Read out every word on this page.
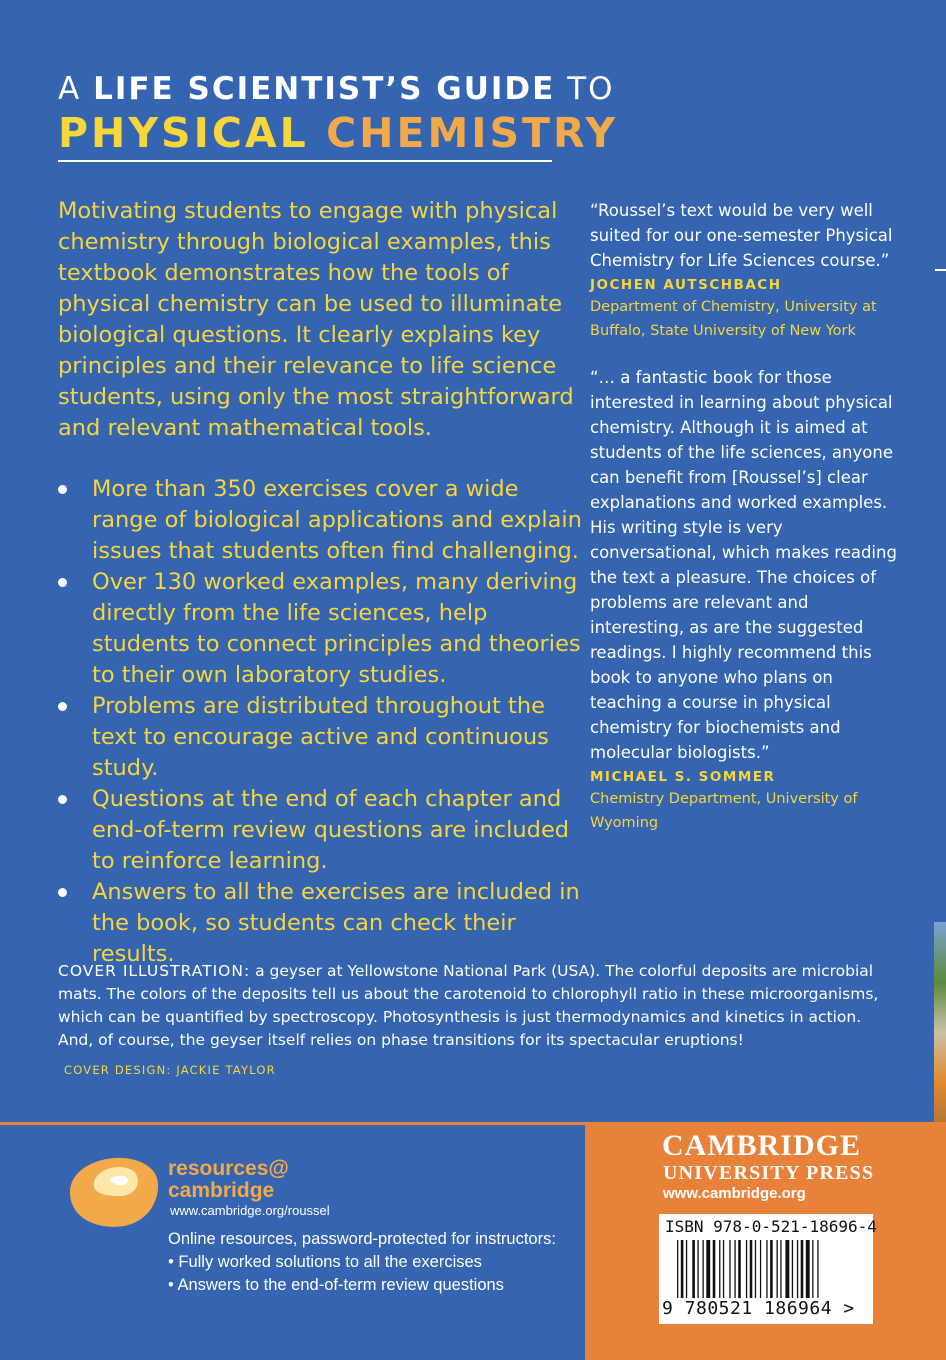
A LIFE SCIENTIST’S GUIDE TO
PHYSICAL CHEMISTRY
Motivating students to engage with physical chemistry through biological examples, this textbook demonstrates how the tools of physical chemistry can be used to illuminate biological questions. It clearly explains key principles and their relevance to life science students, using only the most straightforward and relevant mathematical tools.
More than 350 exercises cover a wide range of biological applications and explain issues that students often find challenging.
Over 130 worked examples, many deriving directly from the life sciences, help students to connect principles and theories to their own laboratory studies.
Problems are distributed throughout the text to encourage active and continuous study.
Questions at the end of each chapter and end-of-term review questions are included to reinforce learning.
Answers to all the exercises are included in the book, so students can check their results.
“Roussel’s text would be very well suited for our one-semester Physical Chemistry for Life Sciences course.”
JOCHEN AUTSCHBACH
Department of Chemistry, University at Buffalo, State University of New York
“… a fantastic book for those interested in learning about physical chemistry. Although it is aimed at students of the life sciences, anyone can benefit from [Roussel’s] clear explanations and worked examples. His writing style is very conversational, which makes reading the text a pleasure. The choices of problems are relevant and interesting, as are the suggested readings. I highly recommend this book to anyone who plans on teaching a course in physical chemistry for biochemists and molecular biologists.”
MICHAEL S. SOMMER
Chemistry Department, University of Wyoming
COVER ILLUSTRATION: a geyser at Yellowstone National Park (USA). The colorful deposits are microbial mats. The colors of the deposits tell us about the carotenoid to chlorophyll ratio in these microorganisms, which can be quantified by spectroscopy. Photosynthesis is just thermodynamics and kinetics in action. And, of course, the geyser itself relies on phase transitions for its spectacular eruptions!
COVER DESIGN: JACKIE TAYLOR
resources@
cambridge
www.cambridge.org/roussel
Online resources, password-protected for instructors:
• Fully worked solutions to all the exercises
• Answers to the end-of-term review questions
CAMBRIDGE
UNIVERSITY PRESS
www.cambridge.org
ISBN 978-0-521-18696-4
9 780521 186964 >
